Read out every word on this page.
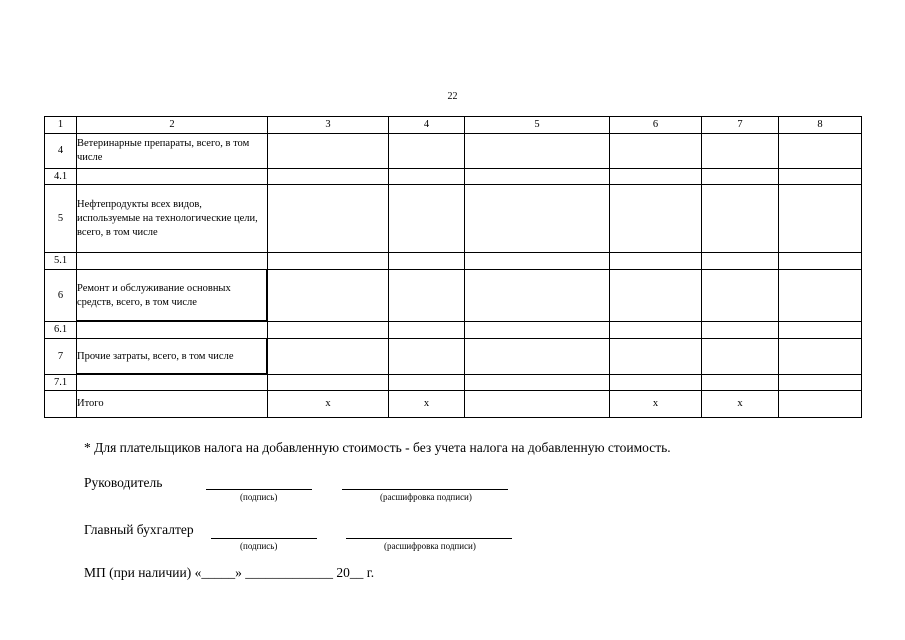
22
1	2	3	4	5	6	7	8
4	Ветеринарные препараты, всего, в том числе						
4.1							
5	Нефтепродукты всех видов, используемые на технологические цели, всего, в том числе						
5.1							
6	Ремонт и обслуживание основных средств, всего, в том числе						
6.1							
7	Прочие затраты, всего, в том числе						
7.1							
	Итого	x	x		x	x	
* Для плательщиков налога на добавленную стоимость - без учета налога на добавленную стоимость.
Руководитель
(подпись)	(расшифровка подписи)
Главный бухгалтер
(подпись)	(расшифровка подписи)
МП (при наличии) «_____» _____________ 20__ г.
